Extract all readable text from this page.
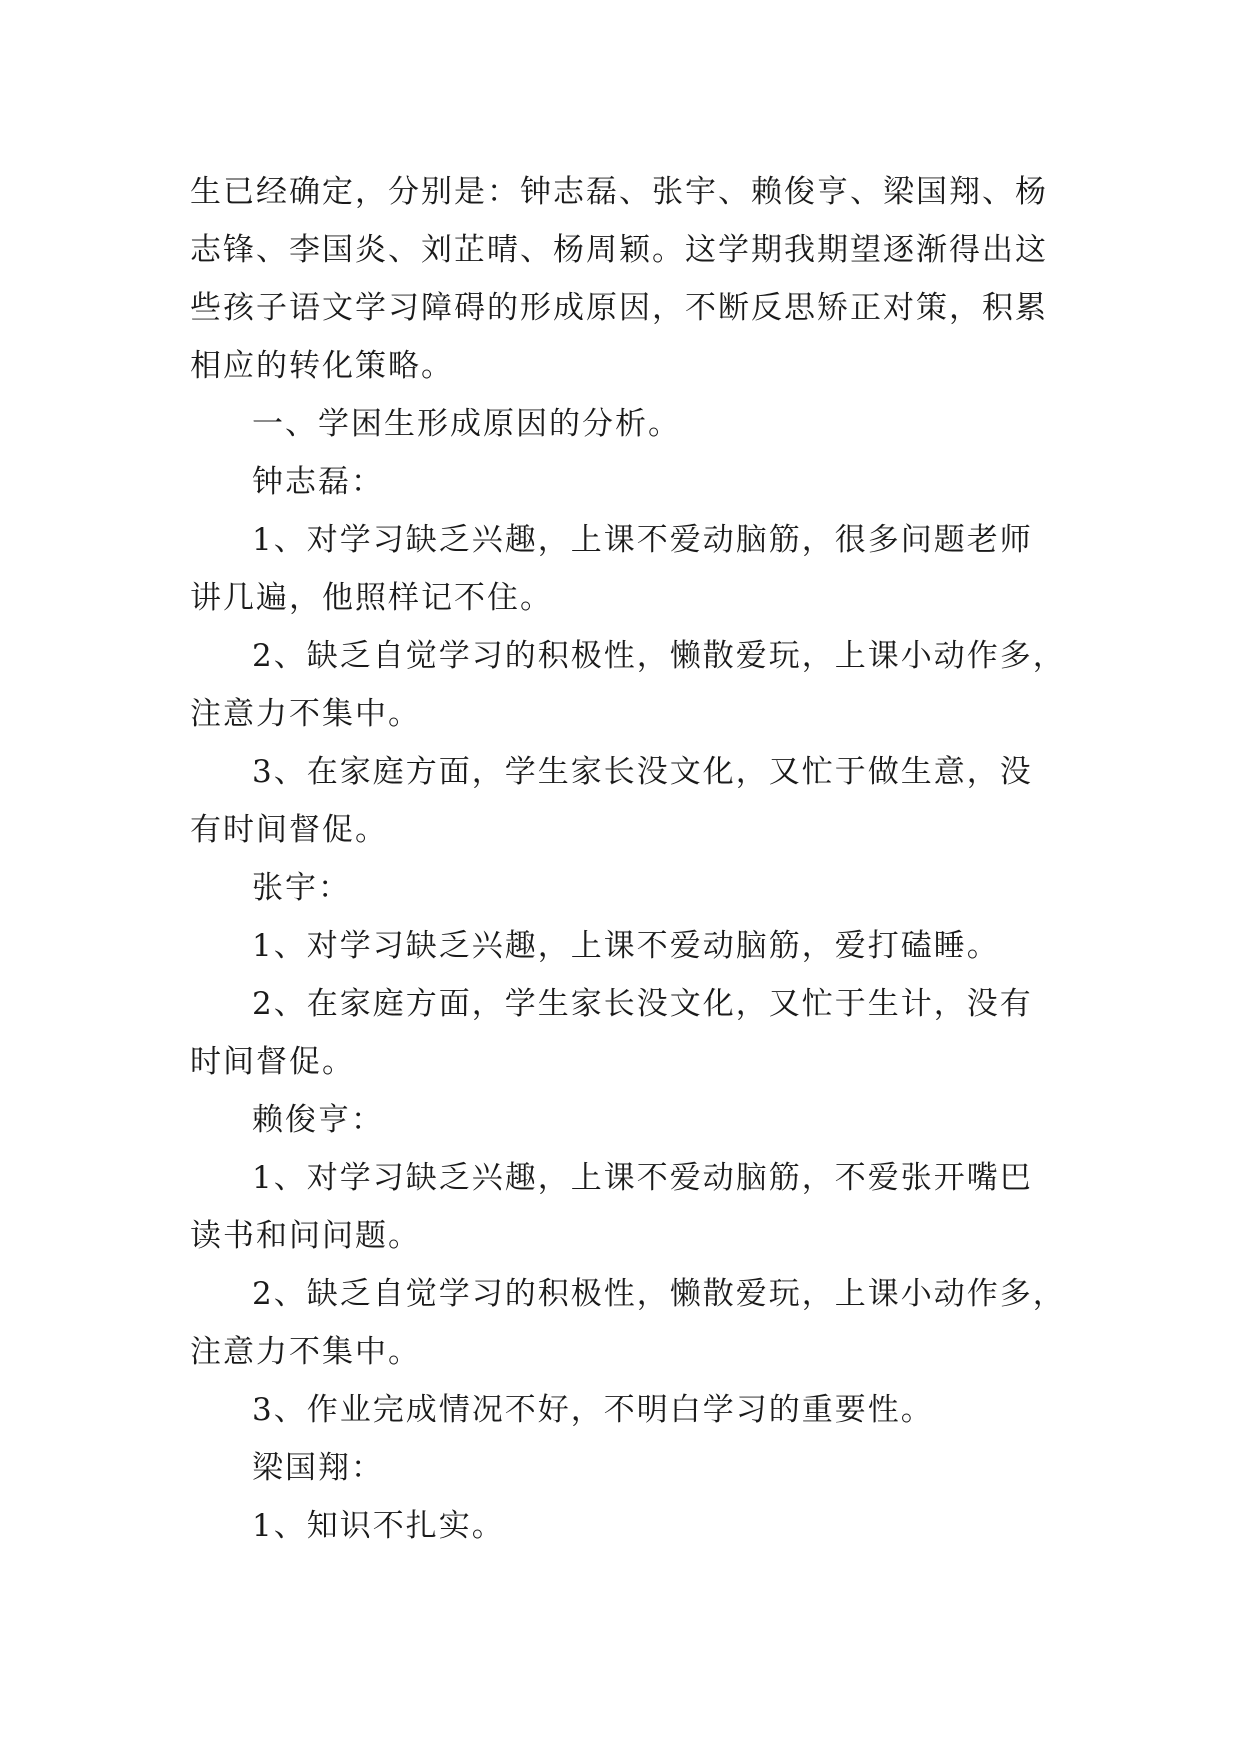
生已经确定，分别是：钟志磊、张宇、赖俊亨、梁国翔、杨
志锋、李国炎、刘芷晴、杨周颖。这学期我期望逐渐得出这
些孩子语文学习障碍的形成原因，不断反思矫正对策，积累
相应的转化策略。
一、学困生形成原因的分析。
钟志磊：
1、对学习缺乏兴趣，上课不爱动脑筋，很多问题老师
讲几遍，他照样记不住。
2、缺乏自觉学习的积极性，懒散爱玩，上课小动作多，
注意力不集中。
3、在家庭方面，学生家长没文化，又忙于做生意，没
有时间督促。
张宇：
1、对学习缺乏兴趣，上课不爱动脑筋，爱打磕睡。
2、在家庭方面，学生家长没文化，又忙于生计，没有
时间督促。
赖俊亨：
1、对学习缺乏兴趣，上课不爱动脑筋，不爱张开嘴巴
读书和问问题。
2、缺乏自觉学习的积极性，懒散爱玩，上课小动作多，
注意力不集中。
3、作业完成情况不好，不明白学习的重要性。
梁国翔：
1、知识不扎实。
